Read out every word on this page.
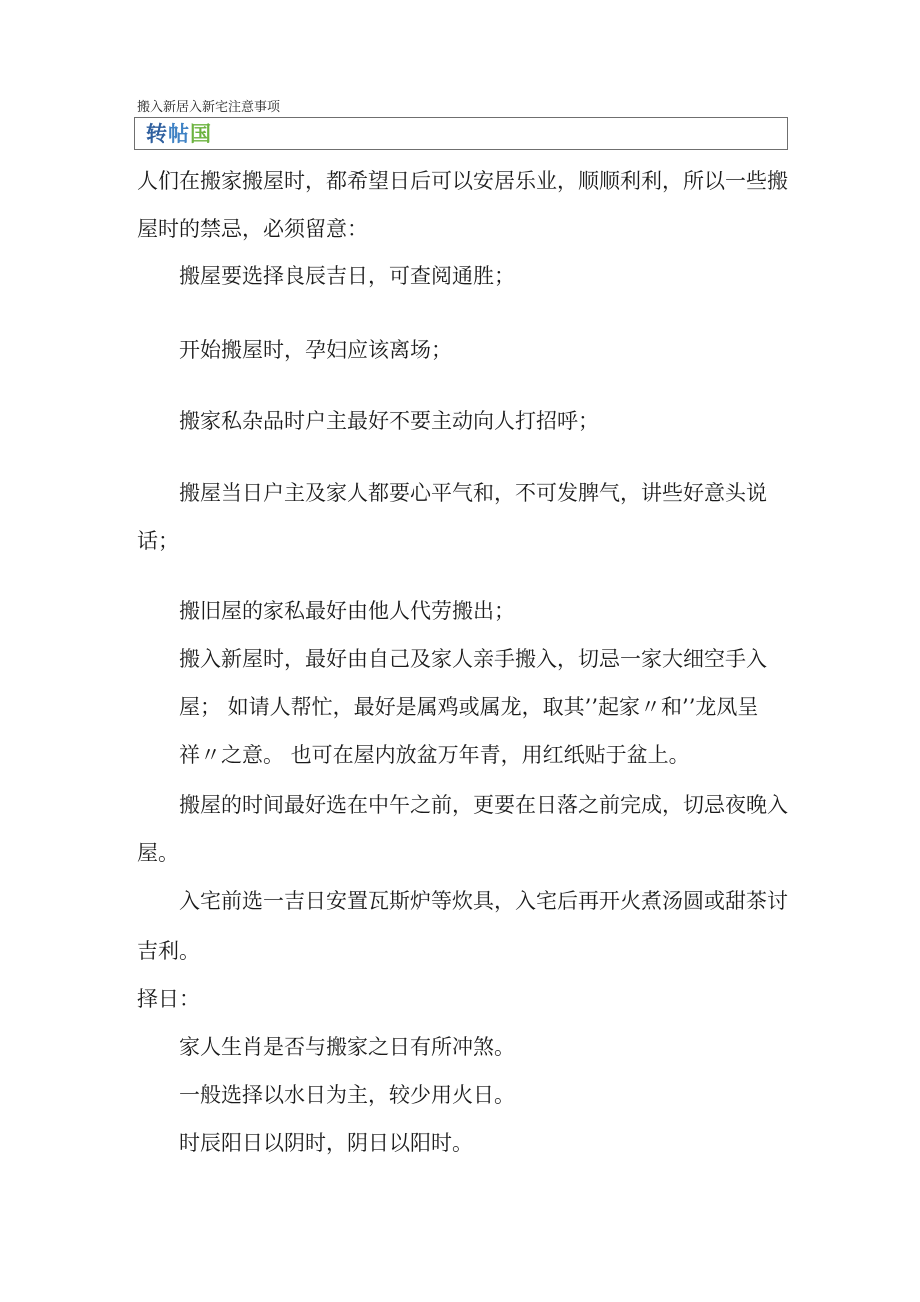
搬入新居入新宅注意事项
转帖国
人们在搬家搬屋时，都希望日后可以安居乐业，顺顺利利，所以一些搬
屋时的禁忌，必须留意：
搬屋要选择良辰吉日，可查阅通胜；
开始搬屋时，孕妇应该离场；
搬家私杂品时户主最好不要主动向人打招呼；
搬屋当日户主及家人都要心平气和，不可发脾气，讲些好意头说
话；
搬旧屋的家私最好由他人代劳搬出；
搬入新屋时，最好由自己及家人亲手搬入，切忌一家大细空手入
屋； 如请人帮忙，最好是属鸡或属龙，取其’’起家〃和’’龙凤呈
祥〃之意。 也可在屋内放盆万年青，用红纸贴于盆上。
搬屋的时间最好选在中午之前，更要在日落之前完成，切忌夜晚入
屋。
入宅前选一吉日安置瓦斯炉等炊具，入宅后再开火煮汤圆或甜茶讨
吉利。
择日：
家人生肖是否与搬家之日有所冲煞。
一般选择以水日为主，较少用火日。
时辰阳日以阴时，阴日以阳时。
